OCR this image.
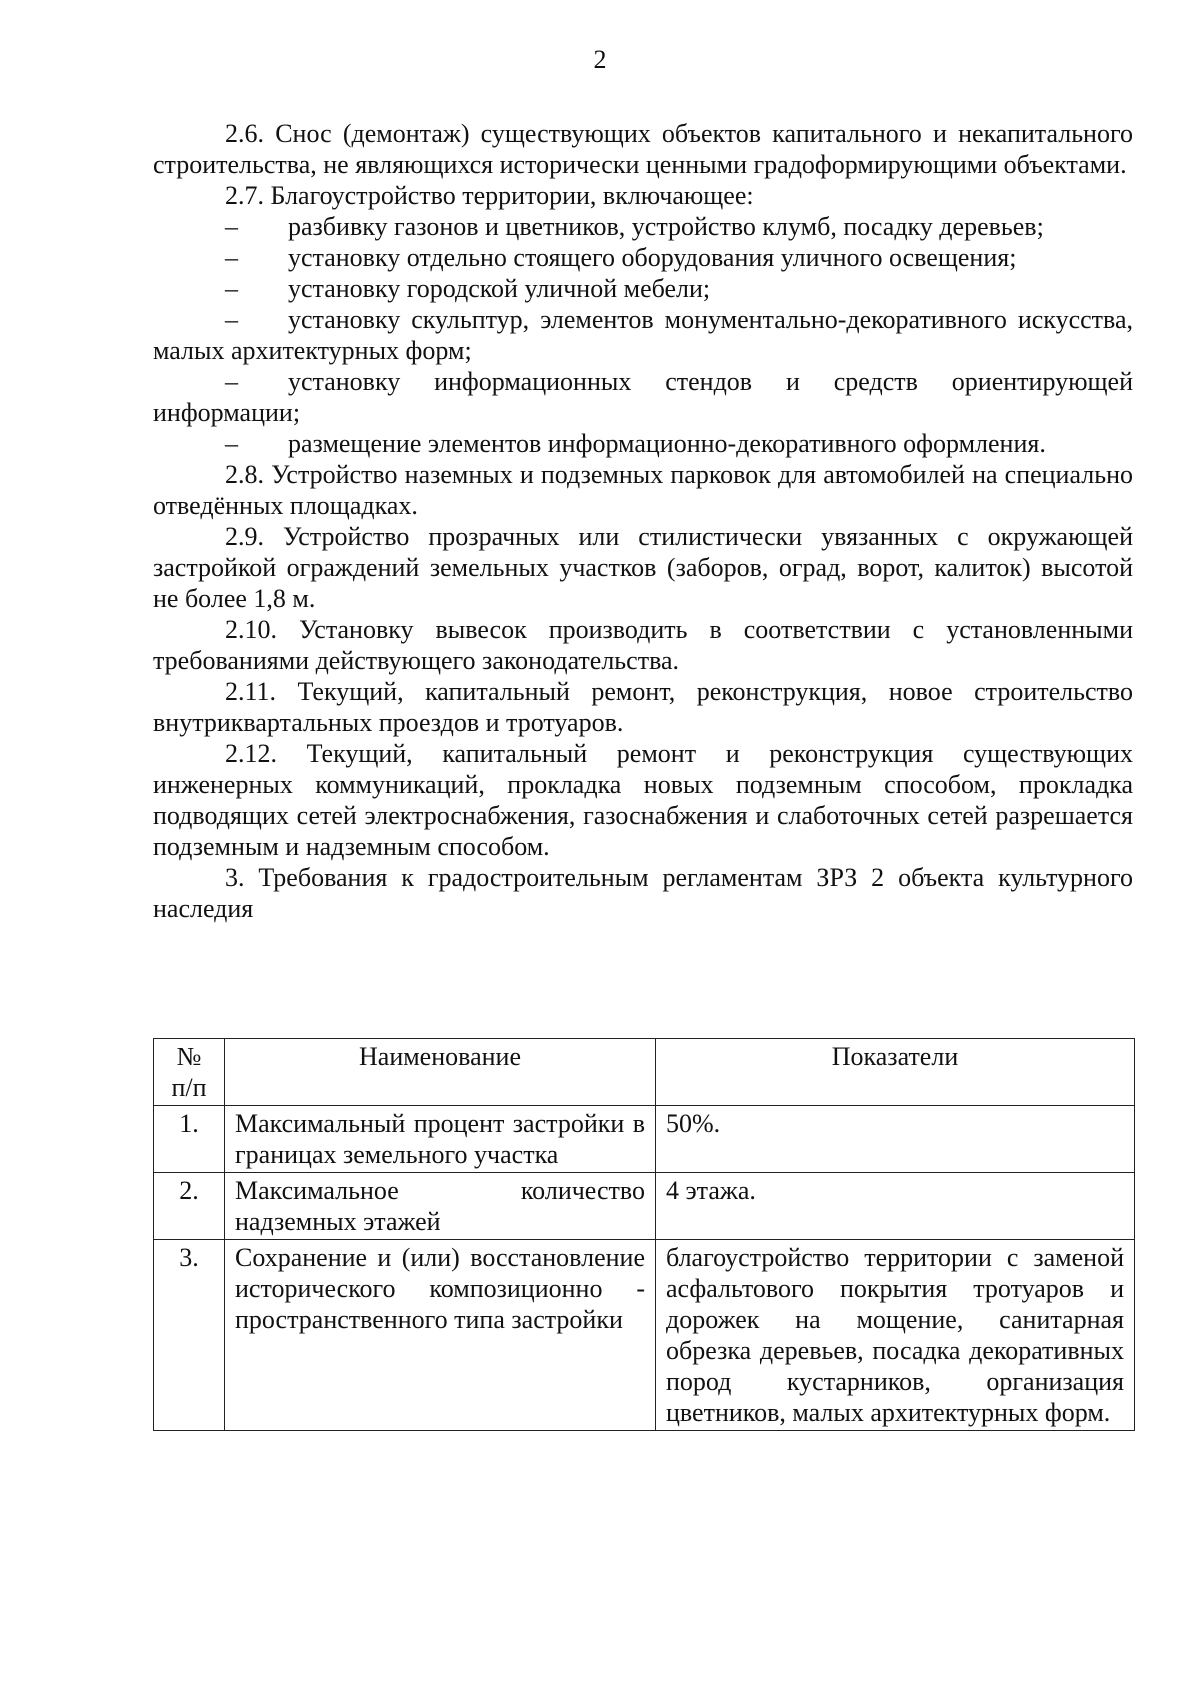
2

2.6. Снос (демонтаж) существующих объектов капитального и некапитального строительства, не являющихся исторически ценными градоформирующими объектами.

2.7. Благоустройство территории, включающее:

–	разбивку газонов и цветников, устройство клумб, посадку деревьев;
–	установку отдельно стоящего оборудования уличного освещения;
–	установку городской уличной мебели;

– установку скульптур, элементов монументально-декоративного искусства, малых архитектурных форм;

– установку информационных стендов и средств ориентирующей информации;

–	размещение элементов информационно-декоративного оформления.

2.8. Устройство наземных и подземных парковок для автомобилей на специально отведённых площадках.

2.9. Устройство прозрачных или стилистически увязанных с окружающей застройкой ограждений земельных участков (заборов, оград, ворот, калиток) высотой не более 1,8 м.

2.10. Установку вывесок производить в соответствии с установленными требованиями действующего законодательства.

2.11. Текущий, капитальный ремонт, реконструкция, новое строительство внутриквартальных проездов и тротуаров.

2.12. Текущий, капитальный ремонт и реконструкция существующих инженерных коммуникаций, прокладка новых подземным способом, прокладка подводящих сетей электроснабжения, газоснабжения и слаботочных сетей разрешается подземным и надземным способом.

3. Требования к градостроительным регламентам ЗРЗ 2 объекта культурного наследия

№ п/п	Наименование	Показатели
1.	Максимальный процент застройки в границах земельного участка	50%.
2.	Максимальное количество надземных этажей	4 этажа.
3.	Сохранение и (или) восстановление исторического композиционно - пространственного типа застройки	благоустройство территории с заменой асфальтового покрытия тротуаров и дорожек на мощение, санитарная обрезка деревьев, посадка декоративных пород кустарников, организация цветников, малых архитектурных форм.
